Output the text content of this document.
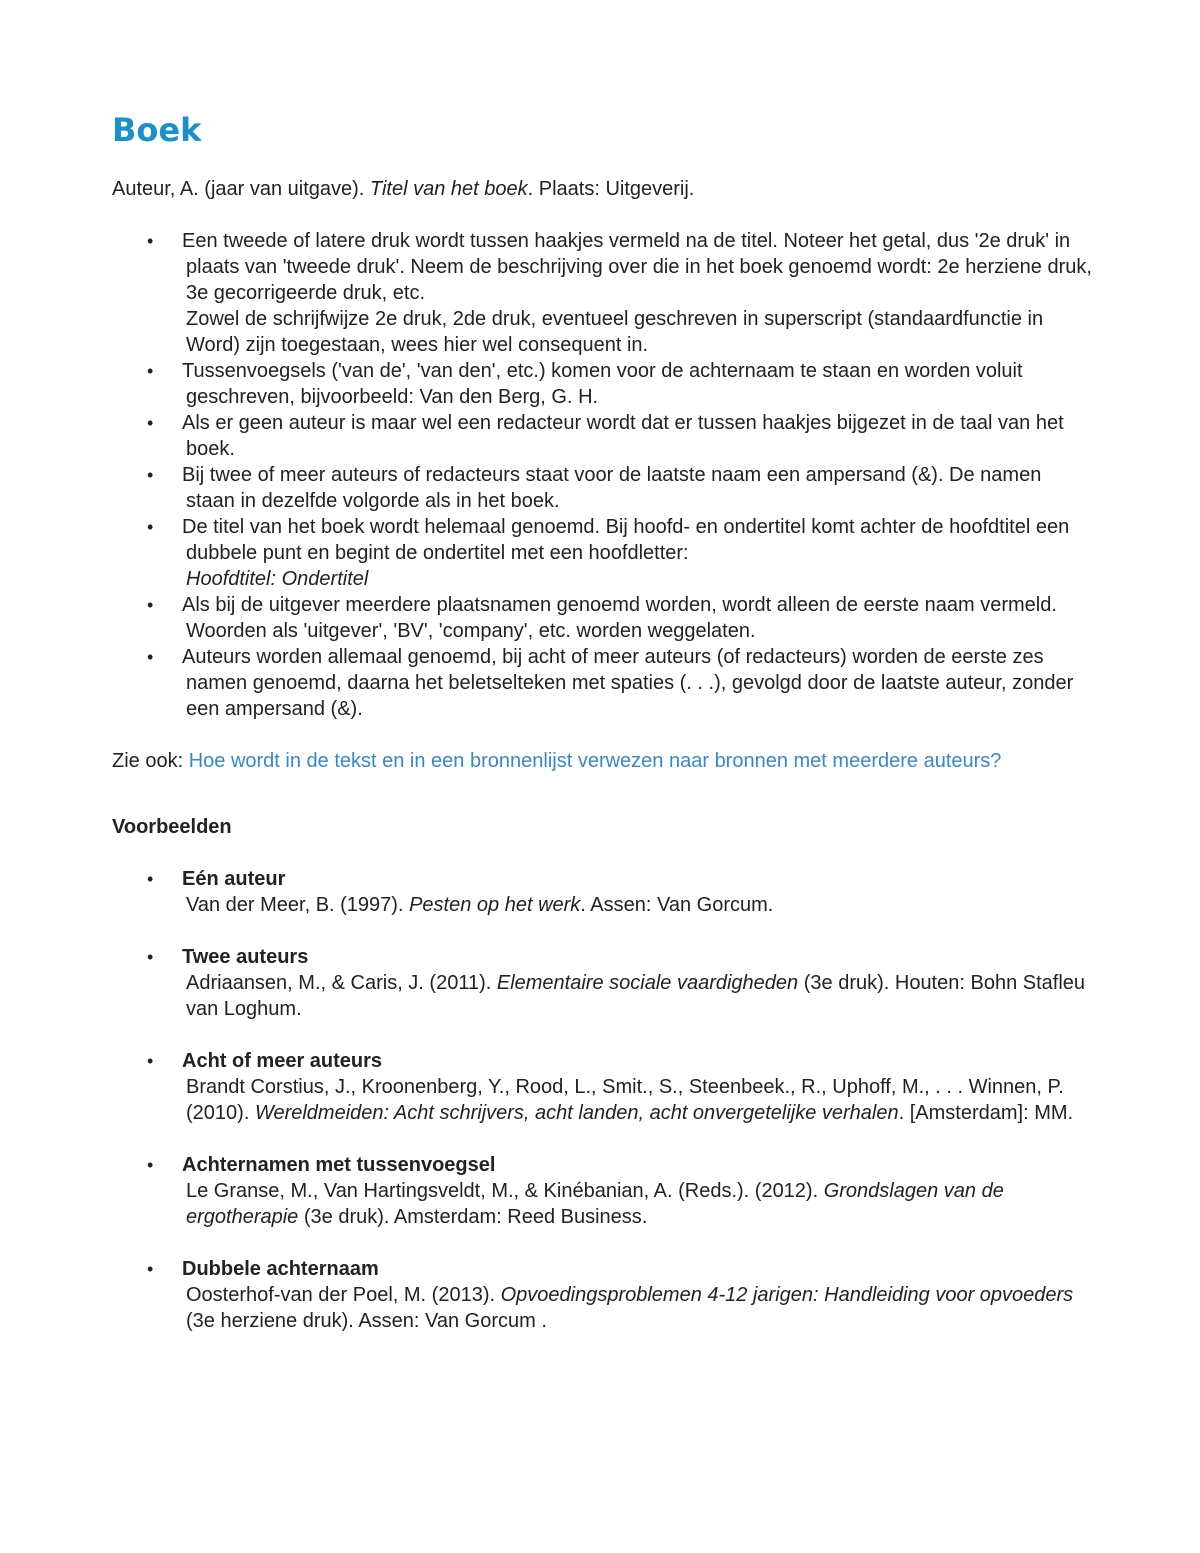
Boek

Auteur, A. (jaar van uitgave). Titel van het boek. Plaats: Uitgeverij.

• Een tweede of latere druk wordt tussen haakjes vermeld na de titel. Noteer het getal, dus '2e druk' in plaats van 'tweede druk'. Neem de beschrijving over die in het boek genoemd wordt: 2e herziene druk, 3e gecorrigeerde druk, etc.
Zowel de schrijfwijze 2e druk, 2de druk, eventueel geschreven in superscript (standaardfunctie in Word) zijn toegestaan, wees hier wel consequent in.
• Tussenvoegsels ('van de', 'van den', etc.) komen voor de achternaam te staan en worden voluit geschreven, bijvoorbeeld: Van den Berg, G. H.
• Als er geen auteur is maar wel een redacteur wordt dat er tussen haakjes bijgezet in de taal van het boek.
• Bij twee of meer auteurs of redacteurs staat voor de laatste naam een ampersand (&). De namen staan in dezelfde volgorde als in het boek.
• De titel van het boek wordt helemaal genoemd. Bij hoofd- en ondertitel komt achter de hoofdtitel een dubbele punt en begint de ondertitel met een hoofdletter:
Hoofdtitel: Ondertitel
• Als bij de uitgever meerdere plaatsnamen genoemd worden, wordt alleen de eerste naam vermeld. Woorden als 'uitgever', 'BV', 'company', etc. worden weggelaten.
• Auteurs worden allemaal genoemd, bij acht of meer auteurs (of redacteurs) worden de eerste zes namen genoemd, daarna het beletselteken met spaties (. . .), gevolgd door de laatste auteur, zonder een ampersand (&).

Zie ook: Hoe wordt in de tekst en in een bronnenlijst verwezen naar bronnen met meerdere auteurs?

Voorbeelden
• Eén auteur
Van der Meer, B. (1997). Pesten op het werk. Assen: Van Gorcum.
• Twee auteurs
Adriaansen, M., & Caris, J. (2011). Elementaire sociale vaardigheden (3e druk). Houten: Bohn Stafleu van Loghum.
• Acht of meer auteurs
Brandt Corstius, J., Kroonenberg, Y., Rood, L., Smit., S., Steenbeek., R., Uphoff, M., . . . Winnen, P. (2010). Wereldmeiden: Acht schrijvers, acht landen, acht onvergetelijke verhalen. [Amsterdam]: MM.
• Achternamen met tussenvoegsel
Le Granse, M., Van Hartingsveldt, M., & Kinébanian, A. (Reds.). (2012). Grondslagen van de ergotherapie (3e druk). Amsterdam: Reed Business.
• Dubbele achternaam
Oosterhof-van der Poel, M. (2013). Opvoedingsproblemen 4-12 jarigen: Handleiding voor opvoeders (3e herziene druk). Assen: Van Gorcum .
